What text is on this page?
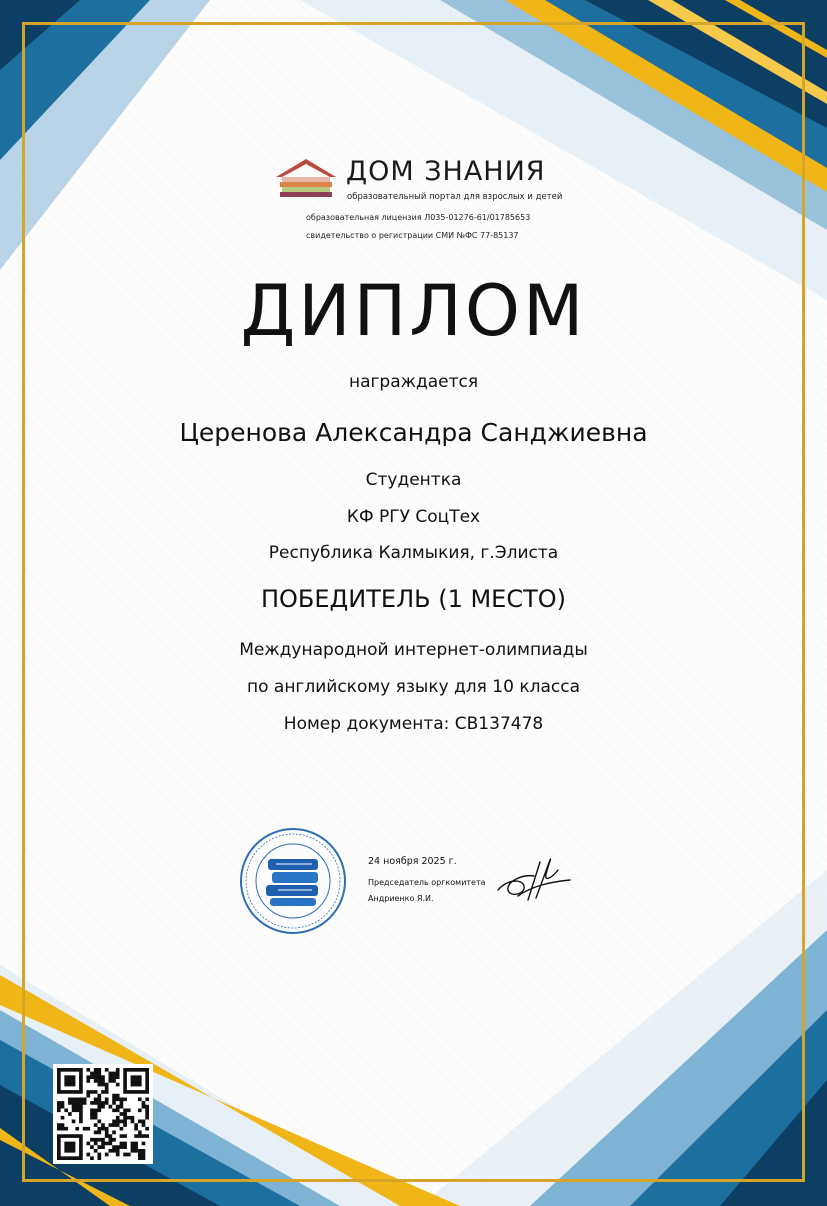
ДОМ ЗНАНИЯ
образовательный портал для взрослых и детей
образовательная лицензия Л035-01276-61/01785653
свидетельство о регистрации СМИ №ФС 77-85137
ДИПЛОМ
награждается
Церенова Александра Санджиевна
Студентка
КФ РГУ СоцТех
Республика Калмыкия, г.Элиста
ПОБЕДИТЕЛЬ (1 МЕСТО)
Международной интернет-олимпиады
по английскому языку для 10 класса
Номер документа: СВ137478
24 ноября 2025 г.
Председатель оргкомитета
Андриенко Я.И.
